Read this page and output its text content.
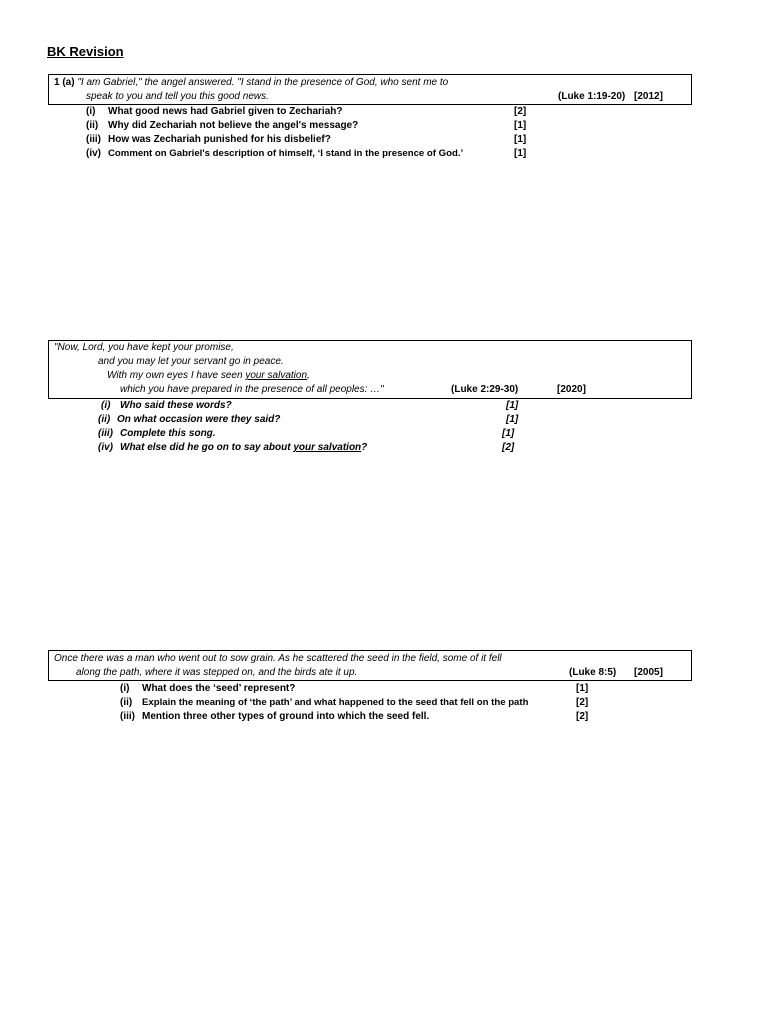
BK Revision
1 (a) "I am Gabriel," the angel answered. "I stand in the presence of God, who sent me to
speak to you and tell you this good news.	(Luke 1:19-20) [2012]
(i) What good news had Gabriel given to Zechariah?	[2]
(ii) Why did Zechariah not believe the angel's message?	[1]
(iii) How was Zechariah punished for his disbelief?	[1]
(iv) Comment on Gabriel's description of himself, ‘I stand in the presence of God.’	[1]
"Now, Lord, you have kept your promise,
and you may let your servant go in peace.
With my own eyes I have seen your salvation,
which you have prepared in the presence of all peoples: …"	(Luke 2:29-30)	[2020]
(i) Who said these words?	[1]
(ii) On what occasion were they said?	[1]
(iii) Complete this song.	[1]
(iv) What else did he go on to say about your salvation?	[2]
Once there was a man who went out to sow grain. As he scattered the seed in the field, some of it fell
along the path, where it was stepped on, and the birds ate it up.	(Luke 8:5) [2005]
(i) What does the ‘seed’ represent?	[1]
(ii) Explain the meaning of ‘the path’ and what happened to the seed that fell on the path	[2]
(iii) Mention three other types of ground into which the seed fell.	[2]
